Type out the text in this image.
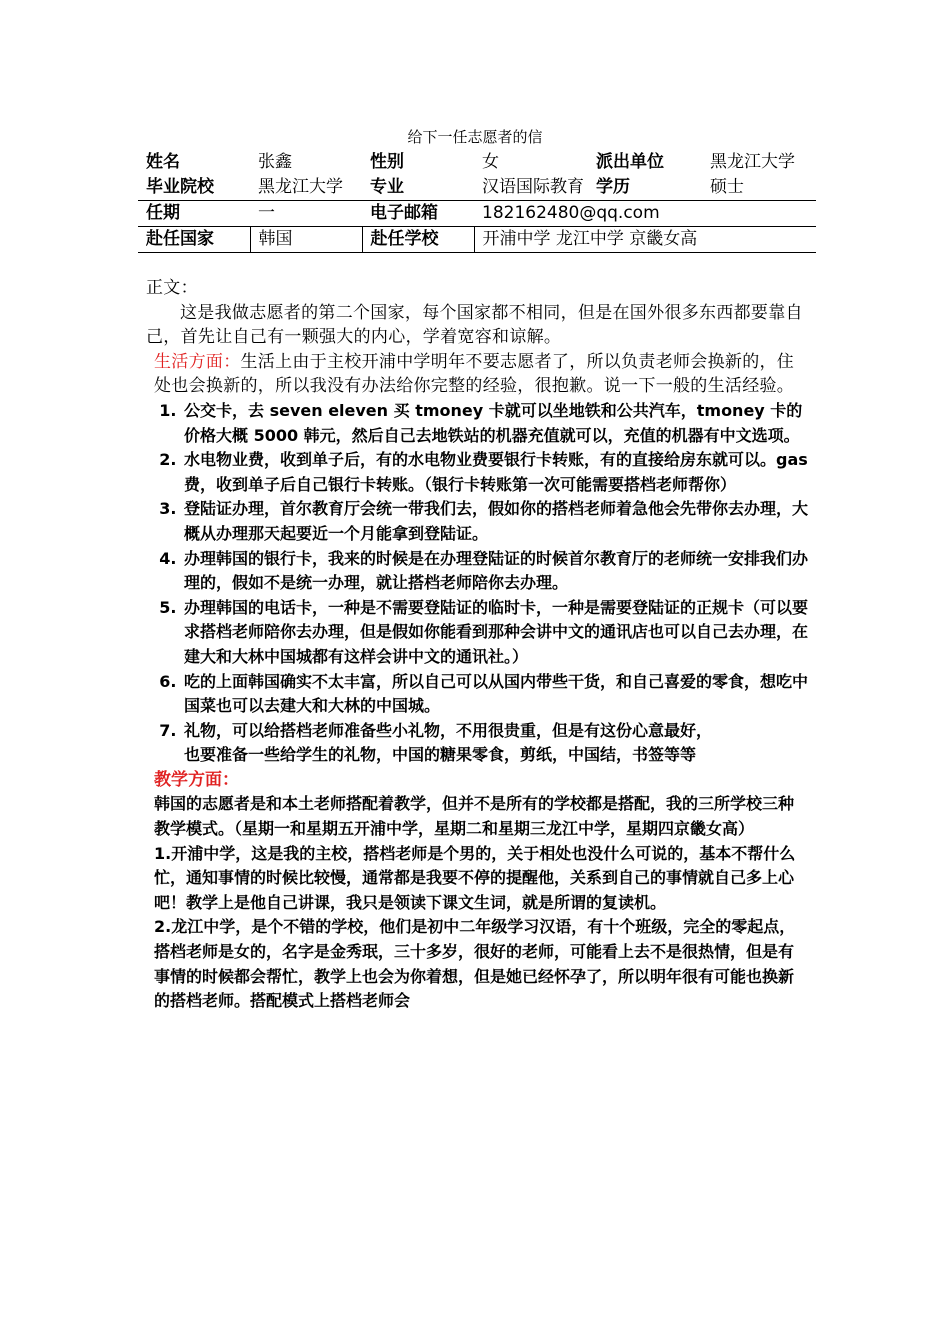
给下一任志愿者的信
姓名	张鑫	性别	女	派出单位	黑龙江大学
毕业院校	黑龙江大学	专业	汉语国际教育	学历	硕士
任期	一	电子邮箱	182162480@qq.com		
赴任国家	韩国	赴任学校	开浦中学 龙江中学 京畿女高		

正文：

这是我做志愿者的第二个国家，每个国家都不相同，但是在国外很多东西都要靠自己，首先让自己有一颗强大的内心，学着宽容和谅解。

生活方面：生活上由于主校开浦中学明年不要志愿者了，所以负责老师会换新的，住处也会换新的，所以我没有办法给你完整的经验，很抱歉。说一下一般的生活经验。

1. 公交卡，去 seven eleven 买 tmoney 卡就可以坐地铁和公共汽车，tmoney 卡的价格大概 5000 韩元，然后自己去地铁站的机器充值就可以，充值的机器有中文选项。
2. 水电物业费，收到单子后，有的水电物业费要银行卡转账，有的直接给房东就可以。gas 费，收到单子后自己银行卡转账。（银行卡转账第一次可能需要搭档老师帮你）
3. 登陆证办理，首尔教育厅会统一带我们去，假如你的搭档老师着急他会先带你去办理，大概从办理那天起要近一个月能拿到登陆证。
4. 办理韩国的银行卡，我来的时候是在办理登陆证的时候首尔教育厅的老师统一安排我们办理的，假如不是统一办理，就让搭档老师陪你去办理。
5. 办理韩国的电话卡，一种是不需要登陆证的临时卡，一种是需要登陆证的正规卡（可以要求搭档老师陪你去办理，但是假如你能看到那种会讲中文的通讯店也可以自己去办理，在建大和大林中国城都有这样会讲中文的通讯社。）
6. 吃的上面韩国确实不太丰富，所以自己可以从国内带些干货，和自己喜爱的零食，想吃中国菜也可以去建大和大林的中国城。
7. 礼物，可以给搭档老师准备些小礼物，不用很贵重，但是有这份心意最好，

也要准备一些给学生的礼物，中国的糖果零食，剪纸，中国结，书签等等

教学方面：

韩国的志愿者是和本土老师搭配着教学，但并不是所有的学校都是搭配，我的三所学校三种教学模式。（星期一和星期五开浦中学，星期二和星期三龙江中学，星期四京畿女高）

1.开浦中学，这是我的主校，搭档老师是个男的，关于相处也没什么可说的，基本不帮什么忙，通知事情的时候比较慢，通常都是我要不停的提醒他，关系到自己的事情就自己多上心吧！教学上是他自己讲课，我只是领读下课文生词，就是所谓的复读机。

2.龙江中学，是个不错的学校，他们是初中二年级学习汉语，有十个班级，完全的零起点，搭档老师是女的，名字是金秀珉，三十多岁，很好的老师，可能看上去不是很热情，但是有事情的时候都会帮忙，教学上也会为你着想，但是她已经怀孕了，所以明年很有可能也换新的搭档老师。搭配模式上搭档老师会
